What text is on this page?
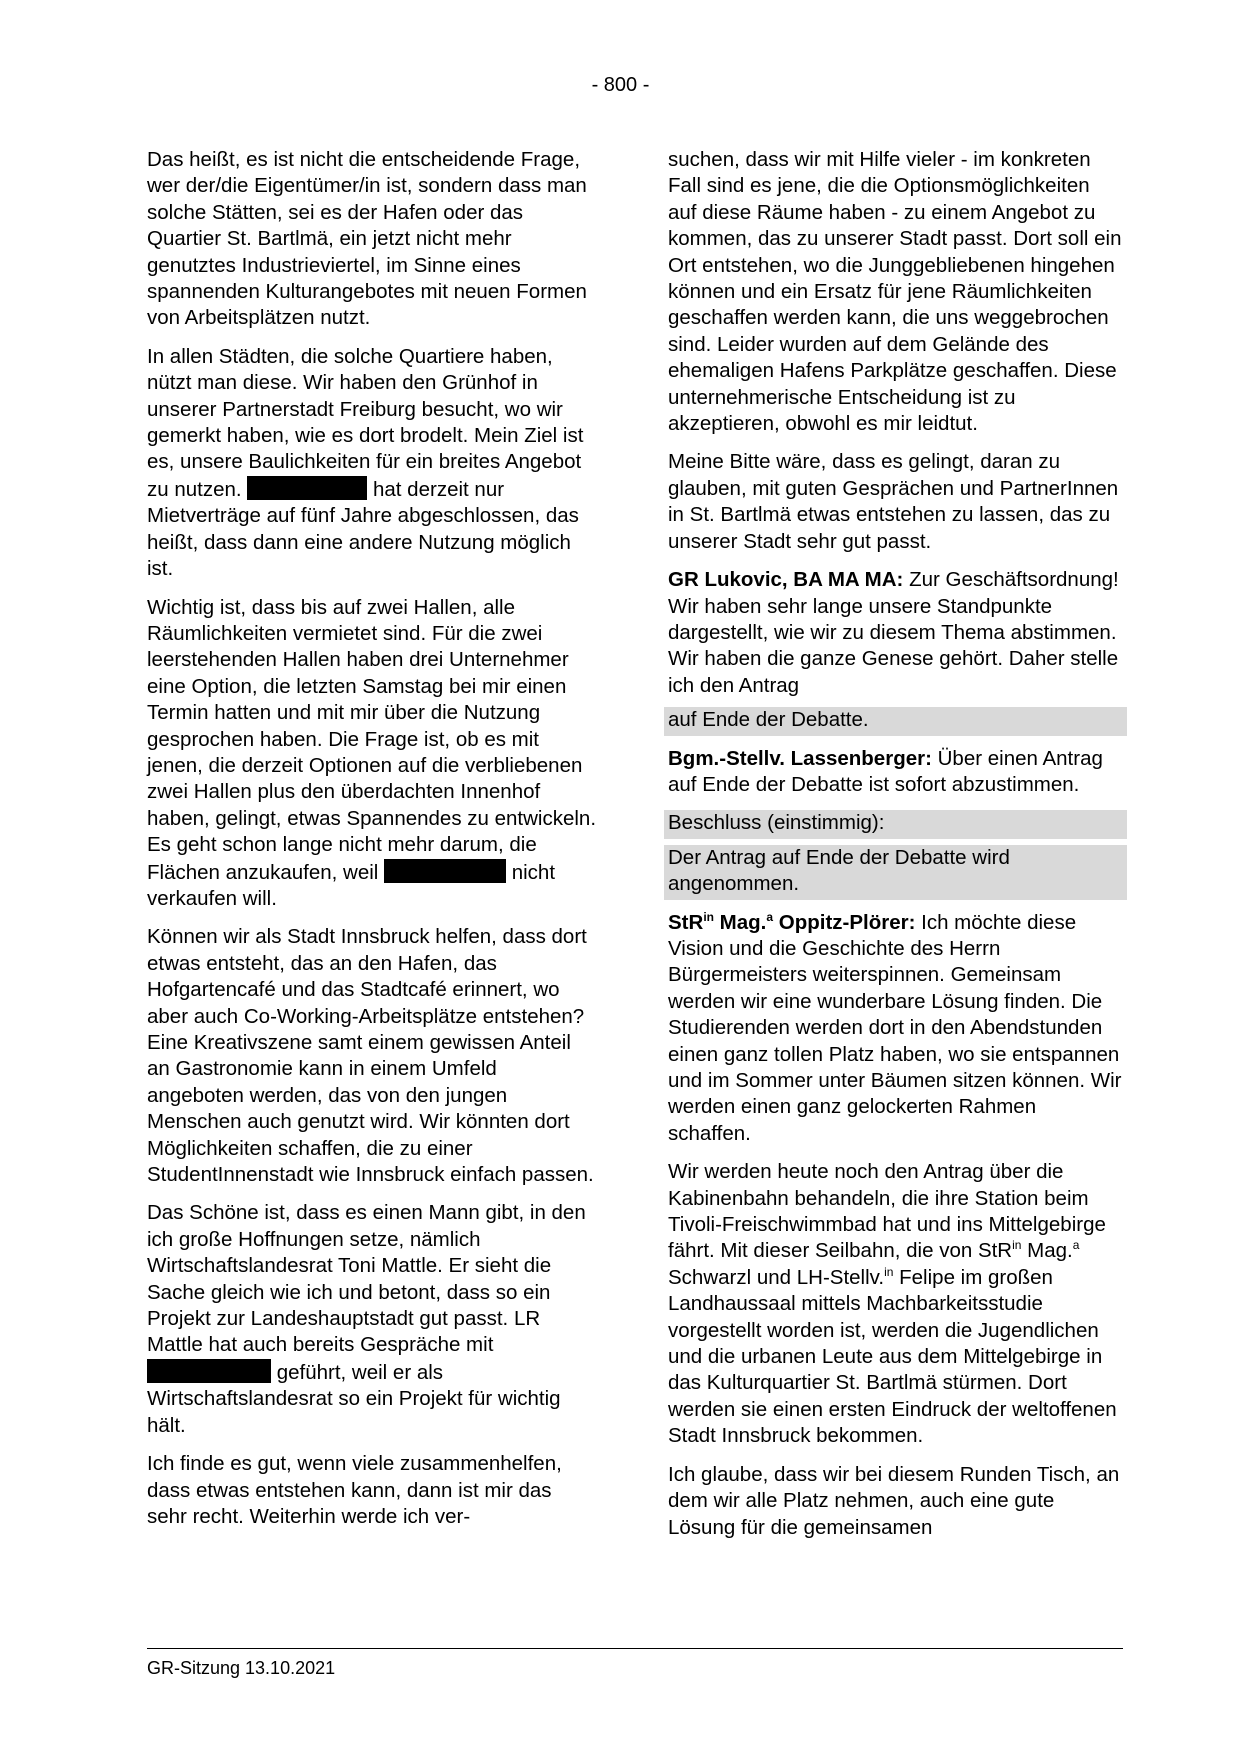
- 800 -

Das heißt, es ist nicht die entscheidende Frage, wer der/die Eigentümer/in ist, sondern dass man solche Stätten, sei es der Hafen oder das Quartier St. Bartlmä, ein jetzt nicht mehr genutztes Industrieviertel, im Sinne eines spannenden Kulturangebotes mit neuen Formen von Arbeitsplätzen nutzt.

In allen Städten, die solche Quartiere haben, nützt man diese. Wir haben den Grünhof in unserer Partnerstadt Freiburg besucht, wo wir gemerkt haben, wie es dort brodelt. Mein Ziel ist es, unsere Baulichkeiten für ein breites Angebot zu nutzen.	hat derzeit nur Mietverträge auf fünf Jahre abgeschlossen, das heißt, dass dann eine andere Nutzung möglich ist.

Wichtig ist, dass bis auf zwei Hallen, alle Räumlichkeiten vermietet sind. Für die zwei leerstehenden Hallen haben drei Unternehmer eine Option, die letzten Samstag bei mir einen Termin hatten und mit mir über die Nutzung gesprochen haben. Die Frage ist, ob es mit jenen, die derzeit Optionen auf die verbliebenen zwei Hallen plus den überdachten Innenhof haben, gelingt, etwas Spannendes zu entwickeln. Es geht schon lange nicht mehr darum, die Flächen anzukaufen, weil	nicht verkaufen will.

Können wir als Stadt Innsbruck helfen, dass dort etwas entsteht, das an den Hafen, das Hofgartencafé und das Stadtcafé erinnert, wo aber auch Co-Working-Arbeitsplätze entstehen? Eine Kreativszene samt einem gewissen Anteil an Gastronomie kann in einem Umfeld angeboten werden, das von den jungen Menschen auch genutzt wird. Wir könnten dort Möglichkeiten schaffen, die zu einer StudentInnenstadt wie Innsbruck einfach passen.

Das Schöne ist, dass es einen Mann gibt, in den ich große Hoffnungen setze, nämlich Wirtschaftslandesrat Toni Mattle. Er sieht die Sache gleich wie ich und betont, dass so ein Projekt zur Landeshauptstadt gut passt. LR Mattle hat auch bereits Gespräche mit  geführt, weil er als Wirtschaftslandesrat so ein Projekt für wichtig hält.

Ich finde es gut, wenn viele zusammenhelfen, dass etwas entstehen kann, dann ist mir das sehr recht. Weiterhin werde ich ver-

suchen, dass wir mit Hilfe vieler - im konkreten Fall sind es jene, die die Optionsmöglichkeiten auf diese Räume haben - zu einem Angebot zu kommen, das zu unserer Stadt passt. Dort soll ein Ort entstehen, wo die Junggebliebenen hingehen können und ein Ersatz für jene Räumlichkeiten geschaffen werden kann, die uns weggebrochen sind. Leider wurden auf dem Gelände des ehemaligen Hafens Parkplätze geschaffen. Diese unternehmerische Entscheidung ist zu akzeptieren, obwohl es mir leidtut.

Meine Bitte wäre, dass es gelingt, daran zu glauben, mit guten Gesprächen und PartnerInnen in St. Bartlmä etwas entstehen zu lassen, das zu unserer Stadt sehr gut passt.

GR Lukovic, BA MA MA: Zur Geschäftsordnung! Wir haben sehr lange unsere Standpunkte dargestellt, wie wir zu diesem Thema abstimmen. Wir haben die ganze Genese gehört. Daher stelle ich den Antrag

auf Ende der Debatte.

Bgm.-Stellv. Lassenberger: Über einen Antrag auf Ende der Debatte ist sofort abzustimmen.

Beschluss (einstimmig):

Der Antrag auf Ende der Debatte wird angenommen.

StR$^{in}$ Mag.$^a$ Oppitz-Plörer: Ich möchte diese Vision und die Geschichte des Herrn Bürgermeisters weiterspinnen. Gemeinsam werden wir eine wunderbare Lösung finden. Die Studierenden werden dort in den Abendstunden einen ganz tollen Platz haben, wo sie entspannen und im Sommer unter Bäumen sitzen können. Wir werden einen ganz gelockerten Rahmen schaffen.

Wir werden heute noch den Antrag über die Kabinenbahn behandeln, die ihre Station beim Tivoli-Freischwimmbad hat und ins Mittelgebirge fährt. Mit dieser Seilbahn, die von StR$^{in}$ Mag.$^a$ Schwarzl und LH-Stellv.$^{in}$ Felipe im großen Landhaussaal mittels Machbarkeitsstudie vorgestellt worden ist, werden die Jugendlichen und die urbanen Leute aus dem Mittelgebirge in das Kulturquartier St. Bartlmä stürmen. Dort werden sie einen ersten Eindruck der weltoffenen Stadt Innsbruck bekommen.

Ich glaube, dass wir bei diesem Runden Tisch, an dem wir alle Platz nehmen, auch eine gute Lösung für die gemeinsamen

GR-Sitzung 13.10.2021
